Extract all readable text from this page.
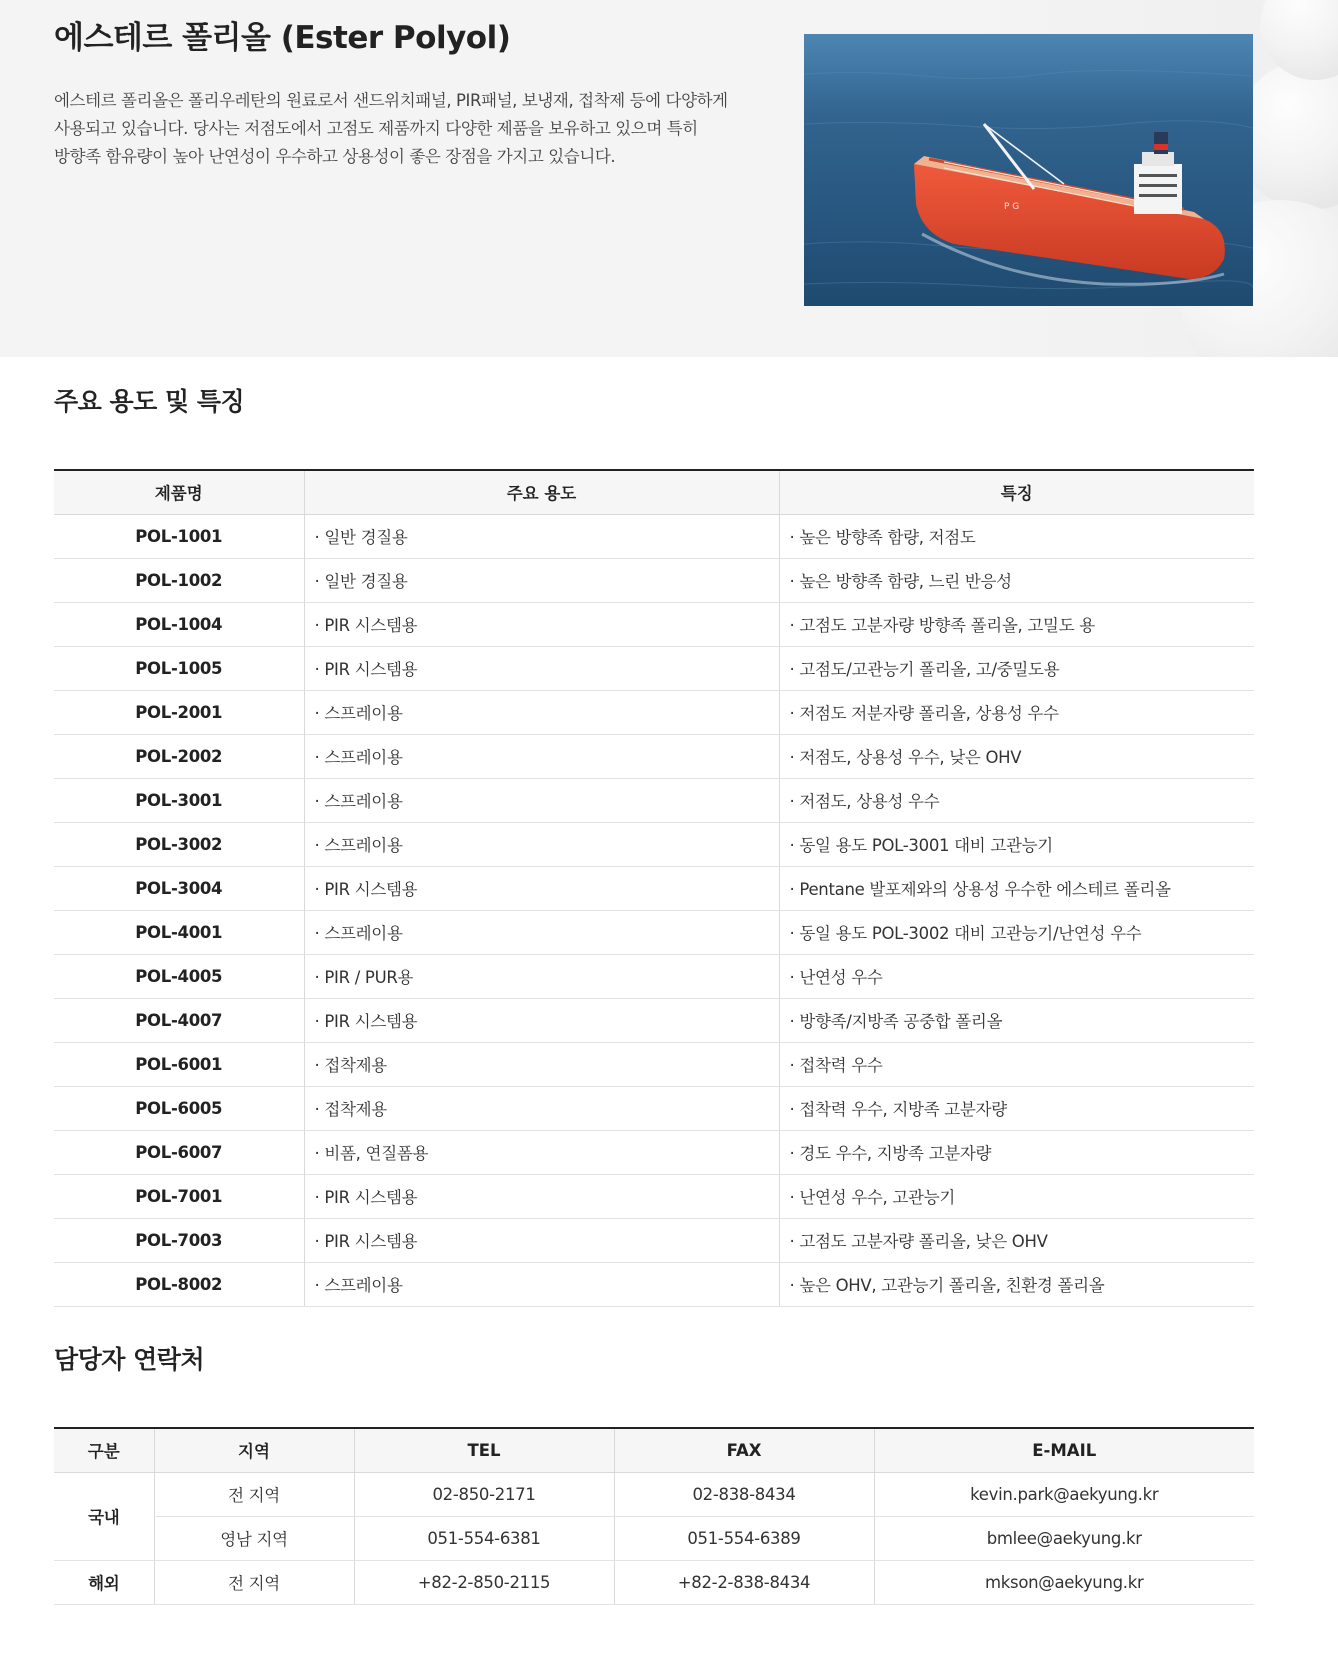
에스테르 폴리올 (Ester Polyol)
에스테르 폴리올은 폴리우레탄의 원료로서 샌드위치패널, PIR패널, 보냉재, 접착제 등에 다양하게
사용되고 있습니다. 당사는 저점도에서 고점도 제품까지 다양한 제품을 보유하고 있으며 특히
방향족 함유량이 높아 난연성이 우수하고 상용성이 좋은 장점을 가지고 있습니다.
P G
주요 용도 및 특징
제품명	주요 용도	특징
POL-1001	· 일반 경질용	· 높은 방향족 함량, 저점도
POL-1002	· 일반 경질용	· 높은 방향족 함량, 느린 반응성
POL-1004	· PIR 시스템용	· 고점도 고분자량 방향족 폴리올, 고밀도 용
POL-1005	· PIR 시스템용	· 고점도/고관능기 폴리올, 고/중밀도용
POL-2001	· 스프레이용	· 저점도 저분자량 폴리올, 상용성 우수
POL-2002	· 스프레이용	· 저점도, 상용성 우수, 낮은 OHV
POL-3001	· 스프레이용	· 저점도, 상용성 우수
POL-3002	· 스프레이용	· 동일 용도 POL-3001 대비 고관능기
POL-3004	· PIR 시스템용	· Pentane 발포제와의 상용성 우수한 에스테르 폴리올
POL-4001	· 스프레이용	· 동일 용도 POL-3002 대비 고관능기/난연성 우수
POL-4005	· PIR / PUR용	· 난연성 우수
POL-4007	· PIR 시스템용	· 방향족/지방족 공중합 폴리올
POL-6001	· 접착제용	· 접착력 우수
POL-6005	· 접착제용	· 접착력 우수, 지방족 고분자량
POL-6007	· 비폼, 연질폼용	· 경도 우수, 지방족 고분자량
POL-7001	· PIR 시스템용	· 난연성 우수, 고관능기
POL-7003	· PIR 시스템용	· 고점도 고분자량 폴리올, 낮은 OHV
POL-8002	· 스프레이용	· 높은 OHV, 고관능기 폴리올, 친환경 폴리올
담당자 연락처
구분	지역	TEL	FAX	E-MAIL
국내	전 지역	02-850-2171	02-838-8434	kevin.park@aekyung.kr
	영남 지역	051-554-6381	051-554-6389	bmlee@aekyung.kr
해외	전 지역	+82-2-850-2115	+82-2-838-8434	mkson@aekyung.kr
